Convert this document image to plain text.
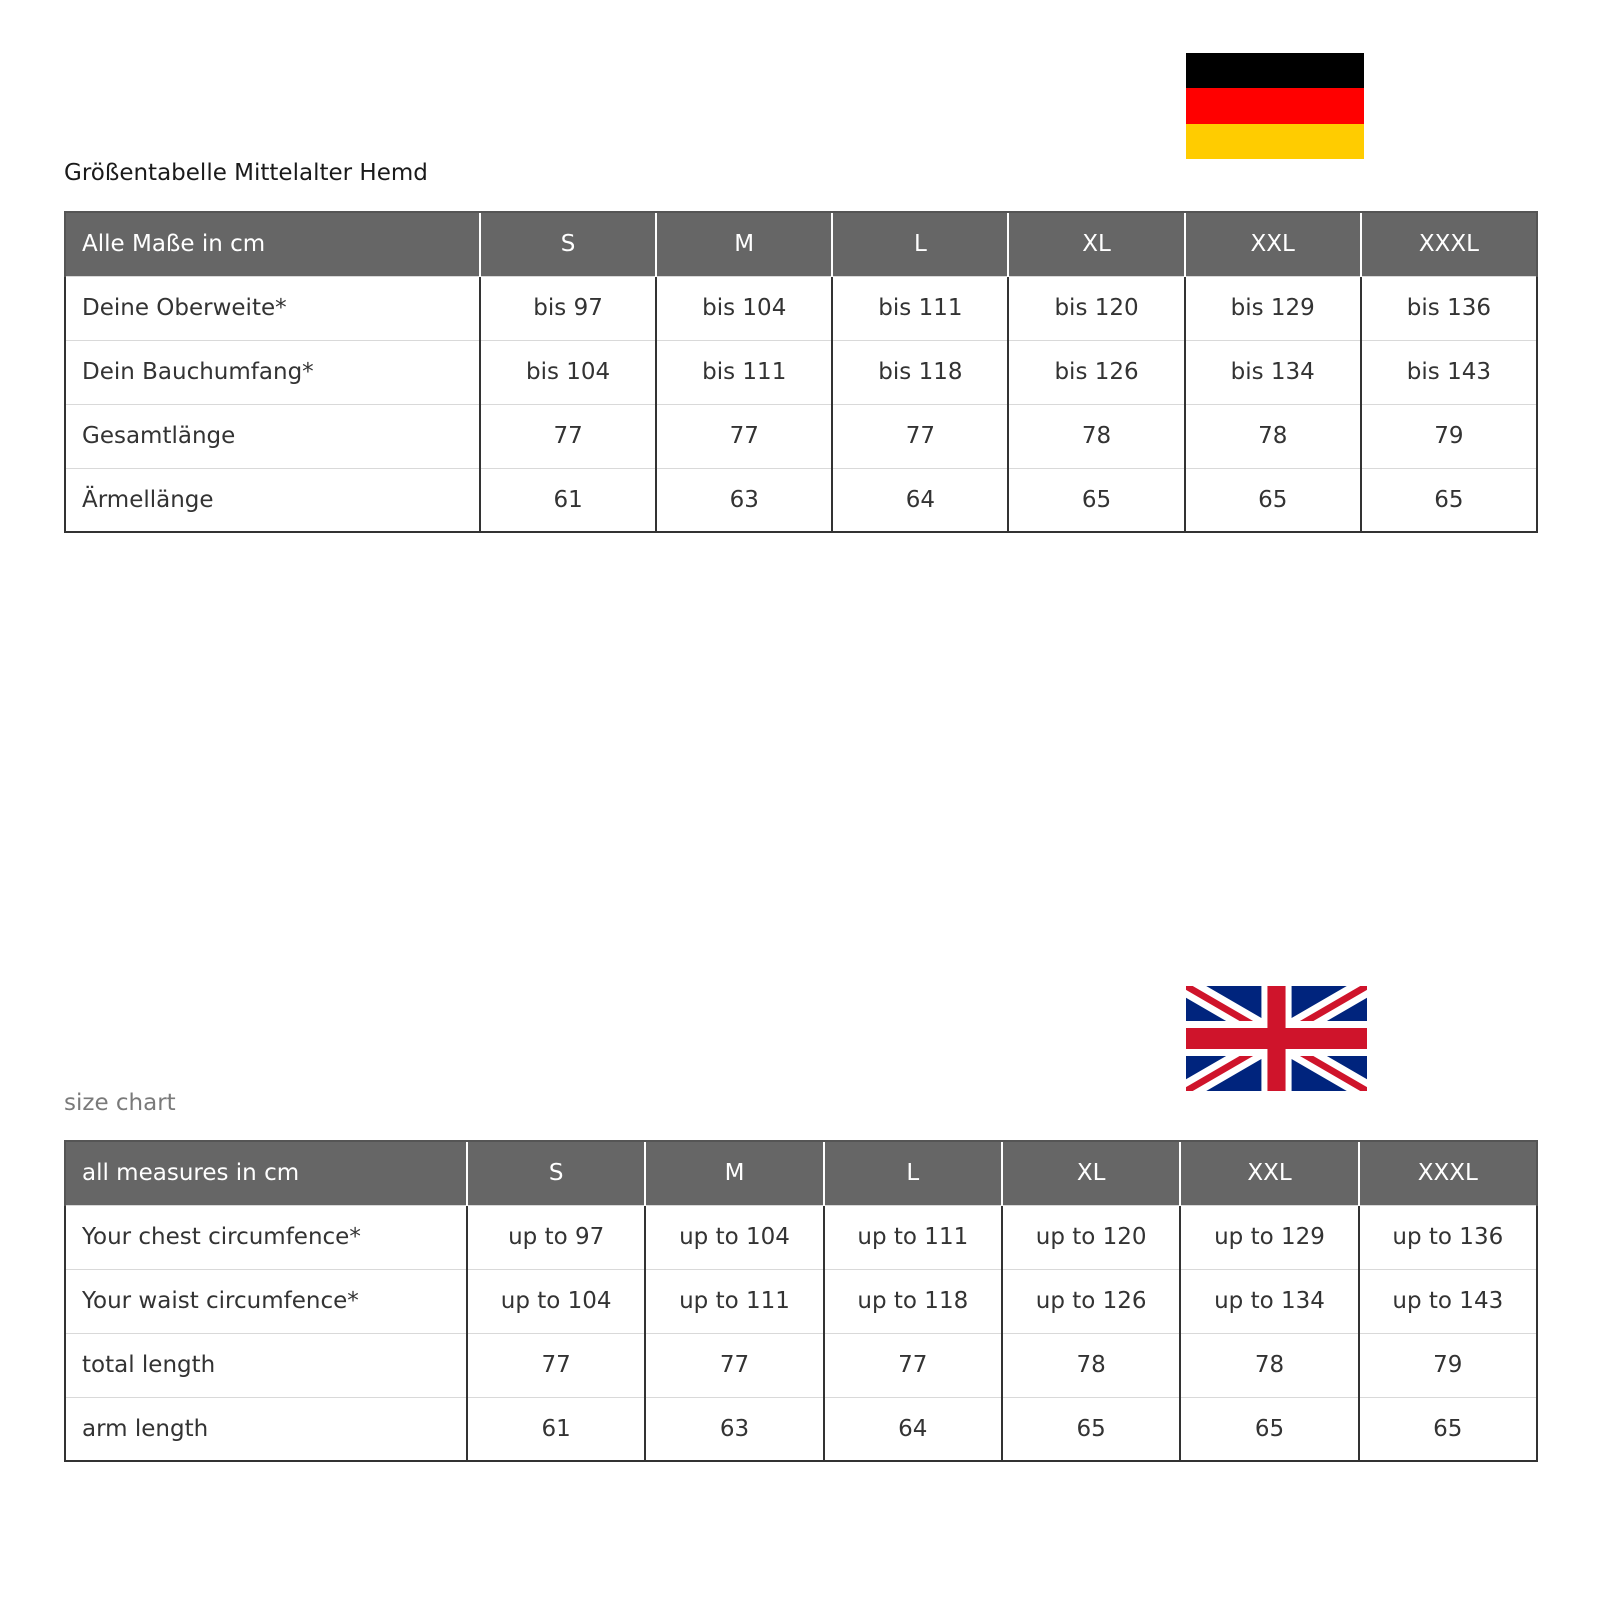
Größentabelle Mittelalter Hemd
Alle Maße in cm	S	M	L	XL	XXL	XXXL
Deine Oberweite*	bis 97	bis 104	bis 111	bis 120	bis 129	bis 136
Dein Bauchumfang*	bis 104	bis 111	bis 118	bis 126	bis 134	bis 143
Gesamtlänge	77	77	77	78	78	79
Ärmellänge	61	63	64	65	65	65
size chart
all measures in cm	S	M	L	XL	XXL	XXXL
Your chest circumfence*	up to 97	up to 104	up to 111	up to 120	up to 129	up to 136
Your waist circumfence*	up to 104	up to 111	up to 118	up to 126	up to 134	up to 143
total length	77	77	77	78	78	79
arm length	61	63	64	65	65	65
